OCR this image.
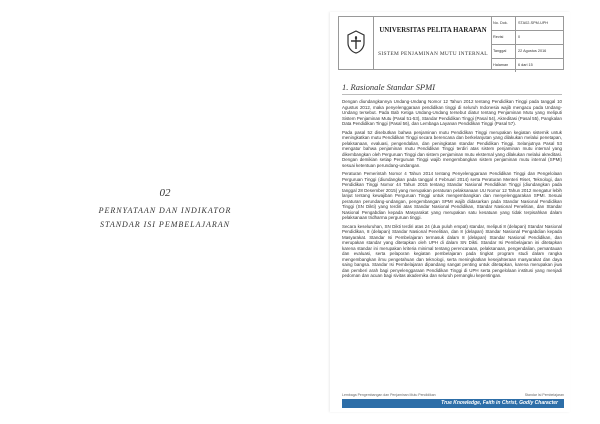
02
PERNYATAAN DAN INDIKATOR
STANDAR ISI PEMBELAJARAN
UNIVERSITAS PELITA HARAPAN
SISTEM PENJAMINAN MUTU INTERNAL
No. Dok.	STA02-SPM-UPH
Revisi	0
Tanggal	22 Agustus 2016
Halaman	6 dari 15
1. Rasionale Standar SPMI

Dengan diundangkannya Undang-Undang Nomor 12 Tahun 2012 tentang Pendidikan Tinggi pada tanggal 10 Agustus 2012, maka penyelenggaraan pendidikan tinggi di seluruh Indonesia wajib mengacu pada Undang-Undang tersebut. Pada Bab Ketiga Undang-Undang tersebut diatur tentang Penjaminan Mutu yang meliputi Sistem Penjaminan Mutu (Pasal 51-53), Standar Pendidikan Tinggi (Pasal 54), Akreditasi (Pasal 55), Pangkalan Data Pendidikan Tinggi (Pasal 56), dan Lembaga Layanan Pendidikan Tinggi (Pasal 57).

Pada pasal 52 disebutkan bahwa penjaminan mutu Pendidikan Tinggi merupakan kegiatan sistemik untuk meningkatkan mutu Pendidikan Tinggi secara berencana dan berkelanjutan yang dilakukan melalui penetapan, pelaksanaan, evaluasi, pengendalian, dan peningkatan standar Pendidikan Tinggi. Selanjutnya Pasal 53 mengatur bahwa penjaminan mutu Pendidikan Tinggi terdiri atas sistem penjaminan mutu internal yang dikembangkan oleh Perguruan Tinggi dan sistem penjaminan mutu eksternal yang dilakukan melalui akreditasi. Dengan demikian setiap Perguruan Tinggi wajib mengembangkan sistem penjaminan mutu internal (SPMI) sesuai ketentuan perundang-undangan.

Peraturan Pemerintah Nomor 4 Tahun 2014 tentang Penyelenggaraan Pendidikan Tinggi dan Pengelolaan Perguruan Tinggi (diundangkan pada tanggal 4 Februari 2014) serta Peraturan Menteri Riset, Teknologi, dan Pendidikan Tinggi Nomor 44 Tahun 2015 tentang Standar Nasional Pendidikan Tinggi (diundangkan pada tanggal 28 Desember 2015) yang merupakan peraturan pelaksanaan UU Nomor 12 Tahun 2012 mengatur lebih lanjut tentang kewajiban Perguruan Tinggi untuk mengembangkan dan menyelenggarakan SPMI. Sesuai peraturan perundang-undangan, pengembangan SPMI wajib didasarkan pada Standar Nasional Pendidikan Tinggi (SN Dikti) yang terdiri atas Standar Nasional Pendidikan, Standar Nasional Penelitian, dan Standar Nasional Pengabdian kepada Masyarakat yang merupakan satu kesatuan yang tidak terpisahkan dalam pelaksanaan tridharma perguruan tinggi.

Secara keseluruhan, SN Dikti terdiri atas 24 (dua puluh empat) standar, meliputi 8 (delapan) Standar Nasional Pendidikan, 8 (delapan) Standar Nasional Penelitian, dan 8 (delapan) Standar Nasional Pengabdian kepada Masyarakat. Standar Isi Pembelajaran termasuk dalam 8 (delapan) Standar Nasional Pendidikan, dan merupakan standar yang ditetapkan oleh UPH di dalam SN Dikti. Standar Isi Pembelajaran ini ditetapkan karena standar ini merupakan kriteria minimal tentang perencanaan, pelaksanaan, pengendalian, pemantauan dan evaluasi, serta pelaporan kegiatan pembelajaran pada tingkat program studi dalam rangka mengembangkan ilmu pengetahuan dan teknologi, serta meningkatkan kesejahteraan masyarakat dan daya saing bangsa. Standar Isi Pembelajaran dipandang sangat penting untuk ditetapkan, karena merupakan jiwa dan pemberi arah bagi penyelenggaraan Pendidikan Tinggi di UPH serta pengelolaan institusi yang menjadi pedoman dan acuan bagi sivitas akademika dan seluruh pemangku kepentingan.

Lembaga Pengembangan dan Penjaminan Mutu Pendidikan	Standar Isi Pembelajaran
True Knowledge, Faith in Christ, Godly Character
